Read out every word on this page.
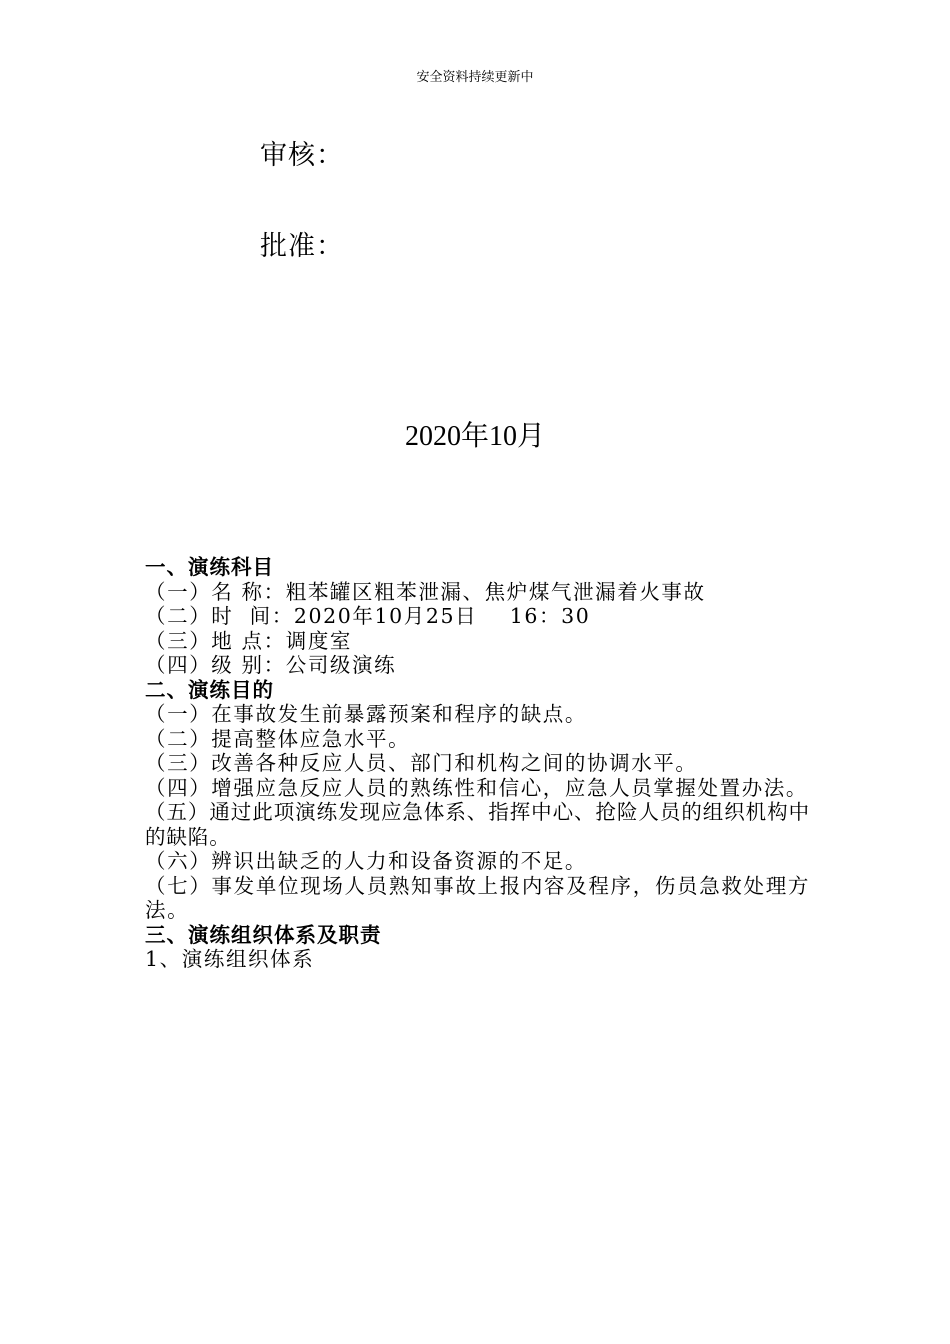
安全资料持续更新中
审核：
批准：
2020年10月

一、演练科目

（一）名 称：粗苯罐区粗苯泄漏、焦炉煤气泄漏着火事故

（二）时  间：2020年10月25日    16：30

（三）地 点：调度室

（四）级 别：公司级演练

二、演练目的

（一）在事故发生前暴露预案和程序的缺点。

（二）提高整体应急水平。

（三）改善各种反应人员、部门和机构之间的协调水平。

（四）增强应急反应人员的熟练性和信心，应急人员掌握处置办法。

（五）通过此项演练发现应急体系、指挥中心、抢险人员的组织机构中的缺陷。

（六）辨识出缺乏的人力和设备资源的不足。

（七）事发单位现场人员熟知事故上报内容及程序，伤员急救处理方法。

三、演练组织体系及职责

1、演练组织体系
